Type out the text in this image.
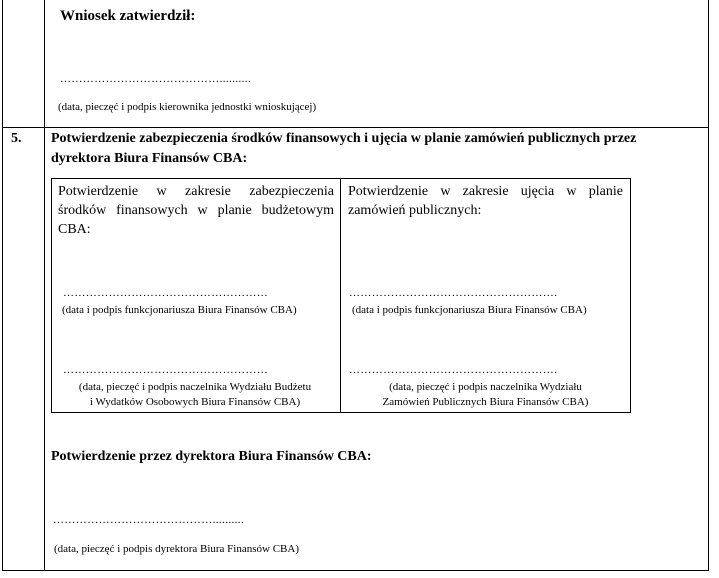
Wniosek zatwierdził:
……………………………………..........
(data, pieczęć i podpis kierownika jednostki wnioskującej)
5. Potwierdzenie zabezpieczenia środków finansowych i ujęcia w planie zamówień publicznych przez
dyrektora Biura Finansów CBA:
Potwierdzenie w zakresie zabezpieczenia
środków finansowych w planie budżetowym
CBA:
………………………………………………
(data i podpis funkcjonariusza Biura Finansów CBA)
………………………………………………
(data, pieczęć i podpis naczelnika Wydziału Budżetu
i Wydatków Osobowych Biura Finansów CBA)
Potwierdzenie w zakresie ujęcia w planie
zamówień publicznych:
……………………………………………….
(data i podpis funkcjonariusza Biura Finansów CBA)
……………………………………………….
(data, pieczęć i podpis naczelnika Wydziału
Zamówień Publicznych Biura Finansów CBA)
Potwierdzenie przez dyrektora Biura Finansów CBA:
……………………………………..........
(data, pieczęć i podpis dyrektora Biura Finansów CBA)
